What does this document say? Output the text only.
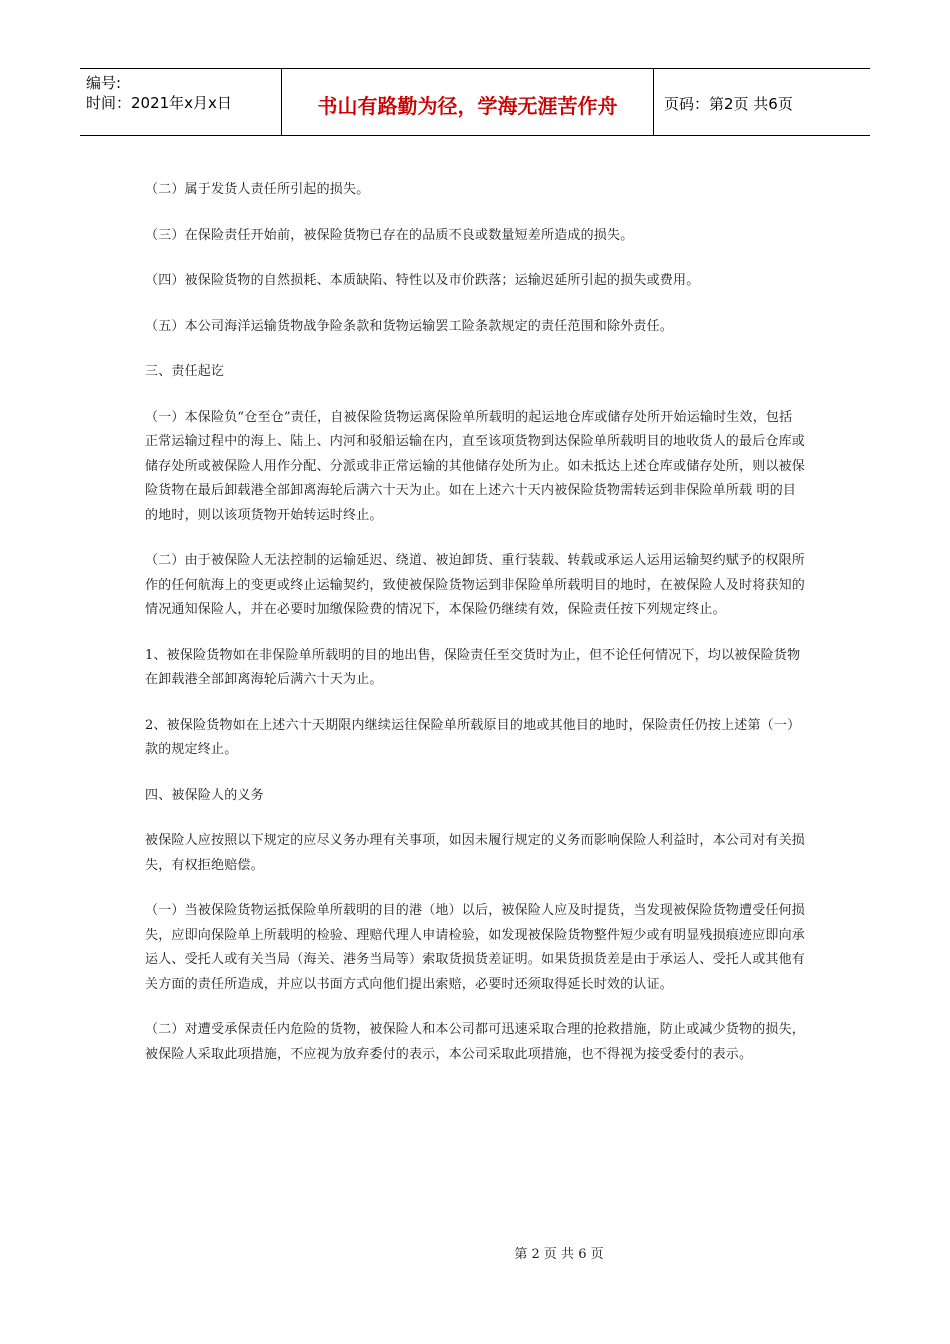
编号:
时间：2021年x月x日	书山有路勤为径，学海无涯苦作舟	页码：第2页 共6页

（二）属于发货人责任所引起的损失。

（三）在保险责任开始前，被保险货物已存在的品质不良或数量短差所造成的损失。

（四）被保险货物的自然损耗、本质缺陷、特性以及市价跌落；运输迟延所引起的损失或费用。

（五）本公司海洋运输货物战争险条款和货物运输罢工险条款规定的责任范围和除外责任。

三、责任起讫

（一）本保险负“仓至仓”责任，自被保险货物运离保险单所载明的起运地仓库或储存处所开始运输时生效，包括正常运输过程中的海上、陆上、内河和驳船运输在内，直至该项货物到达保险单所载明目的地收货人的最后仓库或储存处所或被保险人用作分配、分派或非正常运输的其他储存处所为止。如未抵达上述仓库或储存处所，则以被保险货物在最后卸载港全部卸离海轮后满六十天为止。如在上述六十天内被保险货物需转运到非保险单所载 明的目的地时，则以该项货物开始转运时终止。

（二）由于被保险人无法控制的运输延迟、绕道、被迫卸货、重行装载、转载或承运人运用运输契约赋予的权限所作的任何航海上的变更或终止运输契约，致使被保险货物运到非保险单所载明目的地时，在被保险人及时将获知的情况通知保险人，并在必要时加缴保险费的情况下，本保险仍继续有效，保险责任按下列规定终止。

1、被保险货物如在非保险单所载明的目的地出售，保险责任至交货时为止，但不论任何情况下，均以被保险货物在卸载港全部卸离海轮后满六十天为止。

2、被保险货物如在上述六十天期限内继续运往保险单所载原目的地或其他目的地时，保险责任仍按上述第（一）款的规定终止。

四、被保险人的义务

被保险人应按照以下规定的应尽义务办理有关事项，如因未履行规定的义务而影响保险人利益时，本公司对有关损失，有权拒绝赔偿。

（一）当被保险货物运抵保险单所载明的目的港（地）以后，被保险人应及时提货，当发现被保险货物遭受任何损失，应即向保险单上所载明的检验、理赔代理人申请检验，如发现被保险货物整件短少或有明显残损痕迹应即向承运人、受托人或有关当局（海关、港务当局等）索取货损货差证明。如果货损货差是由于承运人、受托人或其他有关方面的责任所造成，并应以书面方式向他们提出索赔，必要时还须取得延长时效的认证。

（二）对遭受承保责任内危险的货物，被保险人和本公司都可迅速采取合理的抢救措施，防止或减少货物的损失，被保险人采取此项措施，不应视为放弃委付的表示，本公司采取此项措施，也不得视为接受委付的表示。

第 2 页 共 6 页
